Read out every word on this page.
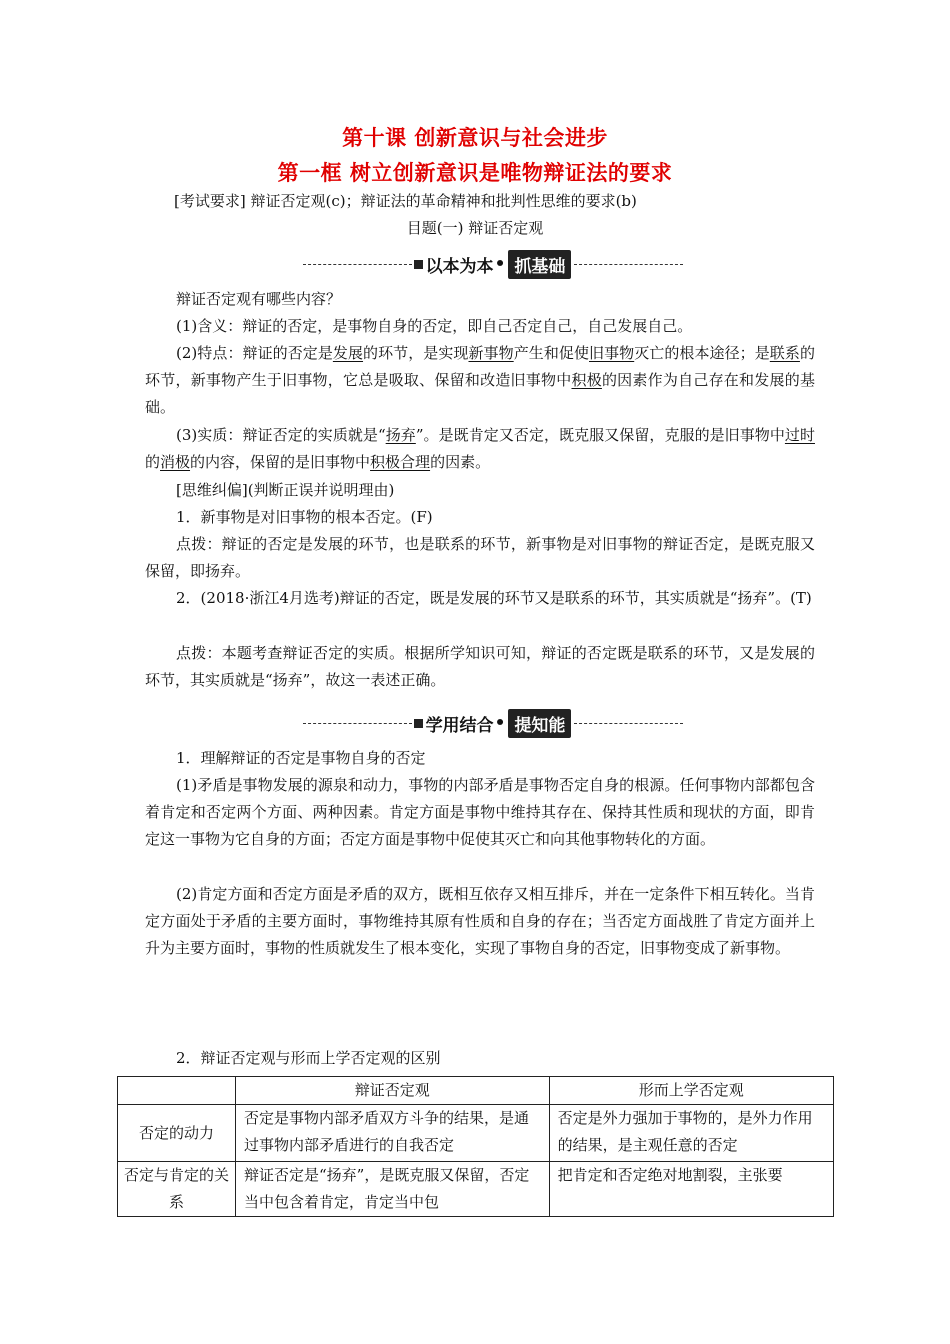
第十课 创新意识与社会进步
第一框 树立创新意识是唯物辩证法的要求
[考试要求] 辩证否定观(c)；辩证法的革命精神和批判性思维的要求(b)
目题(一) 辩证否定观
以本为本 • 抓基础
辩证否定观有哪些内容？
(1)含义：辩证的否定，是事物自身的否定，即自己否定自己，自己发展自己。
(2)特点：辩证的否定是发展的环节，是实现新事物产生和促使旧事物灭亡的根本途径；是联系的环节，新事物产生于旧事物，它总是吸取、保留和改造旧事物中积极的因素作为自己存在和发展的基础。
(3)实质：辩证否定的实质就是“扬弃”。是既肯定又否定，既克服又保留，克服的是旧事物中过时的消极的内容，保留的是旧事物中积极合理的因素。
[思维纠偏](判断正误并说明理由)
1．新事物是对旧事物的根本否定。(F)
点拨：辩证的否定是发展的环节，也是联系的环节，新事物是对旧事物的辩证否定，是既克服又保留，即扬弃。
2．(2018·浙江4月选考)辩证的否定，既是发展的环节又是联系的环节，其实质就是“扬弃”。(T)
点拨：本题考查辩证否定的实质。根据所学知识可知，辩证的否定既是联系的环节，又是发展的环节，其实质就是“扬弃”，故这一表述正确。
学用结合 • 提知能
1．理解辩证的否定是事物自身的否定
(1)矛盾是事物发展的源泉和动力，事物的内部矛盾是事物否定自身的根源。任何事物内部都包含着肯定和否定两个方面、两种因素。肯定方面是事物中维持其存在、保持其性质和现状的方面，即肯定这一事物为它自身的方面；否定方面是事物中促使其灭亡和向其他事物转化的方面。
(2)肯定方面和否定方面是矛盾的双方，既相互依存又相互排斥，并在一定条件下相互转化。当肯定方面处于矛盾的主要方面时，事物维持其原有性质和自身的存在；当否定方面战胜了肯定方面并上升为主要方面时，事物的性质就发生了根本变化，实现了事物自身的否定，旧事物变成了新事物。
2．辩证否定观与形而上学否定观的区别
	辩证否定观	形而上学否定观
否定的动力	否定是事物内部矛盾双方斗争的结果，是通过事物内部矛盾进行的自我否定	否定是外力强加于事物的，是外力作用的结果，是主观任意的否定

否定与肯定的关系	辩证否定是“扬弃”，是既克服又保留，否定当中包含着肯定，肯定当中包	把肯定和否定绝对地割裂，主张要
